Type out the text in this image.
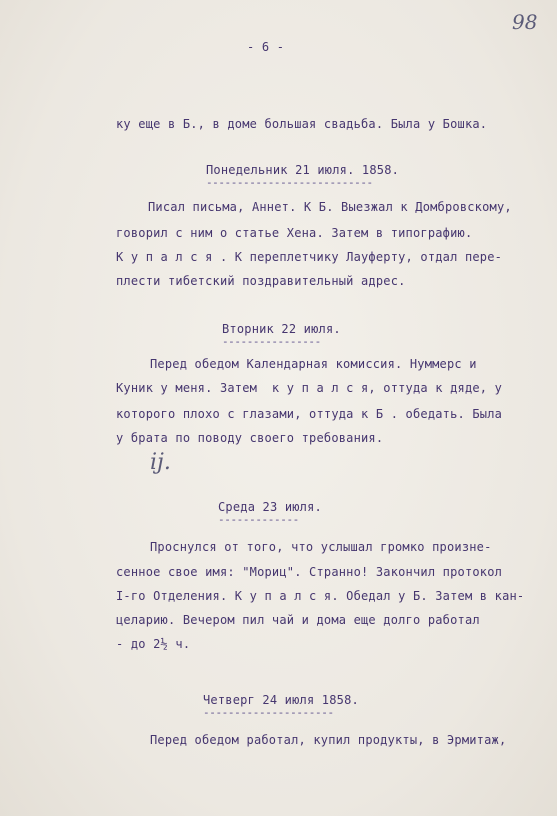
98
- 6 -
ку еще в Б., в доме большая свадьба. Была у Бошка.
Понедельник 21 июля. 1858.
---------------------------
Писал письма, Аннет. К Б. Выезжал к Домбровскому,
говорил с ним о статье Хена. Затем в типографию.
К у п а л с я . К переплетчику Лауферту, отдал пере-
плести тибетский поздравительный адрес.
Вторник 22 июля.
----------------
Перед обедом Календарная комиссия. Нуммерс и
Куник у меня. Затем  к у п а л с я, оттуда к дяде, у
которого плохо с глазами, оттуда к Б . обедать. Была
у брата по поводу своего требования.
ij.
Среда 23 июля.
-------------
Проснулся от того, что услышал громко произне-
сенное свое имя: "Мориц". Странно! Закончил протокол
I-го Отделения. К у п а л с я. Обедал у Б. Затем в кан-
целарию. Вечером пил чай и дома еще долго работал
- до 2½ ч.
Четверг 24 июля 1858.
---------------------
Перед обедом работал, купил продукты, в Эрмитаж,
